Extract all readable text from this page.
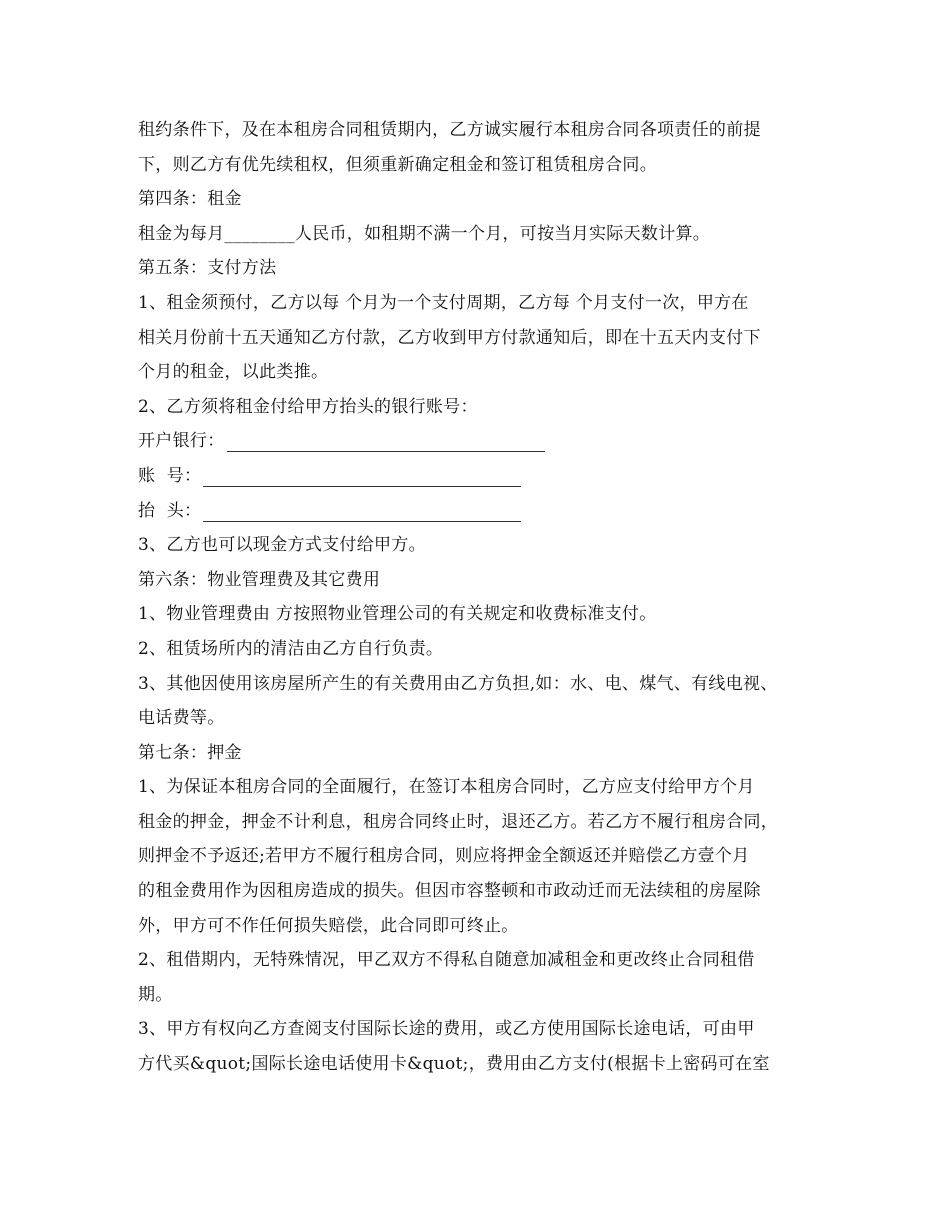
租约条件下，及在本租房合同租赁期内，乙方诚实履行本租房合同各项责任的前提
下，则乙方有优先续租权，但须重新确定租金和签订租赁租房合同。
第四条：租金
租金为每月________人民币，如租期不满一个月，可按当月实际天数计算。
第五条：支付方法
1、租金须预付，乙方以每 个月为一个支付周期，乙方每 个月支付一次，甲方在
相关月份前十五天通知乙方付款，乙方收到甲方付款通知后，即在十五天内支付下
个月的租金，以此类推。
2、乙方须将租金付给甲方抬头的银行账号：
开户银行：
账  号：
抬  头：
3、乙方也可以现金方式支付给甲方。
第六条：物业管理费及其它费用
1、物业管理费由 方按照物业管理公司的有关规定和收费标准支付。
2、租赁场所内的清洁由乙方自行负责。
3、其他因使用该房屋所产生的有关费用由乙方负担,如：水、电、煤气、有线电视、
电话费等。
第七条：押金
1、为保证本租房合同的全面履行，在签订本租房合同时，乙方应支付给甲方个月
租金的押金，押金不计利息，租房合同终止时，退还乙方。若乙方不履行租房合同，
则押金不予返还;若甲方不履行租房合同，则应将押金全额返还并赔偿乙方壹个月
的租金费用作为因租房造成的损失。但因市容整顿和市政动迁而无法续租的房屋除
外，甲方可不作任何损失赔偿，此合同即可终止。
2、租借期内，无特殊情况，甲乙双方不得私自随意加减租金和更改终止合同租借
期。
3、甲方有权向乙方查阅支付国际长途的费用，或乙方使用国际长途电话，可由甲
方代买&quot;国际长途电话使用卡&quot;，费用由乙方支付(根据卡上密码可在室
